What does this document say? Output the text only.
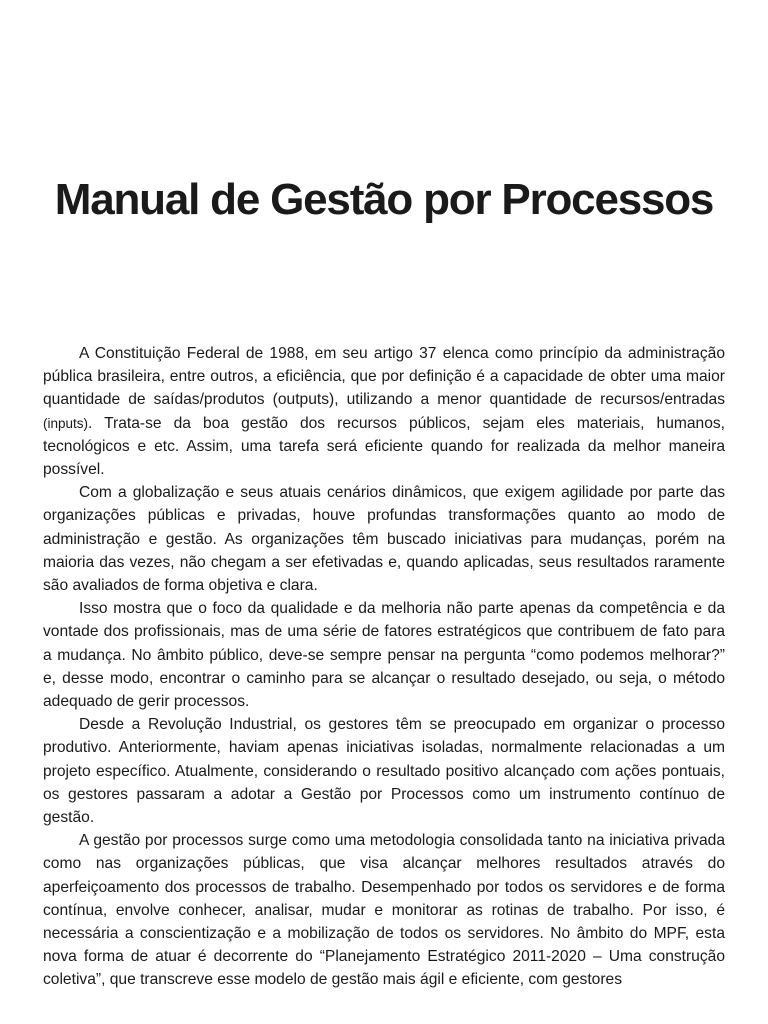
Manual de Gestão por Processos

A Constituição Federal de 1988, em seu artigo 37 elenca como princípio da administração pública brasileira, entre outros, a eficiência, que por definição é a capacidade de obter uma maior quantidade de saídas/produtos (outputs), utilizando a menor quantidade de recursos/entradas (inputs). Trata-se da boa gestão dos recursos públicos, sejam eles materiais, humanos, tecnológicos e etc. Assim, uma tarefa será eficiente quando for realizada da melhor maneira possível.

Com a globalização e seus atuais cenários dinâmicos, que exigem agilidade por parte das organizações públicas e privadas, houve profundas transformações quanto ao modo de administração e gestão. As organizações têm buscado iniciativas para mudanças, porém na maioria das vezes, não chegam a ser efetivadas e, quando aplicadas, seus resultados raramente são avaliados de forma objetiva e clara.

Isso mostra que o foco da qualidade e da melhoria não parte apenas da competência e da vontade dos profissionais, mas de uma série de fatores estratégicos que contribuem de fato para a mudança. No âmbito público, deve-se sempre pensar na pergunta “como podemos melhorar?” e, desse modo, encontrar o caminho para se alcançar o resultado desejado, ou seja, o método adequado de gerir processos.

Desde a Revolução Industrial, os gestores têm se preocupado em organizar o processo produtivo. Anteriormente, haviam apenas iniciativas isoladas, normalmente relacionadas a um projeto específico. Atualmente, considerando o resultado positivo alcançado com ações pontuais, os gestores passaram a adotar a Gestão por Processos como um instrumento contínuo de gestão.

A gestão por processos surge como uma metodologia consolidada tanto na iniciativa privada como nas organizações públicas, que visa alcançar melhores resultados através do aperfeiçoamento dos processos de trabalho. Desempenhado por todos os servidores e de forma contínua, envolve conhecer, analisar, mudar e monitorar as rotinas de trabalho. Por isso, é necessária a conscientização e a mobilização de todos os servidores. No âmbito do MPF, esta nova forma de atuar é decorrente do “Planejamento Estratégico 2011-2020 – Uma construção coletiva”, que transcreve esse modelo de gestão mais ágil e eficiente, com gestores
